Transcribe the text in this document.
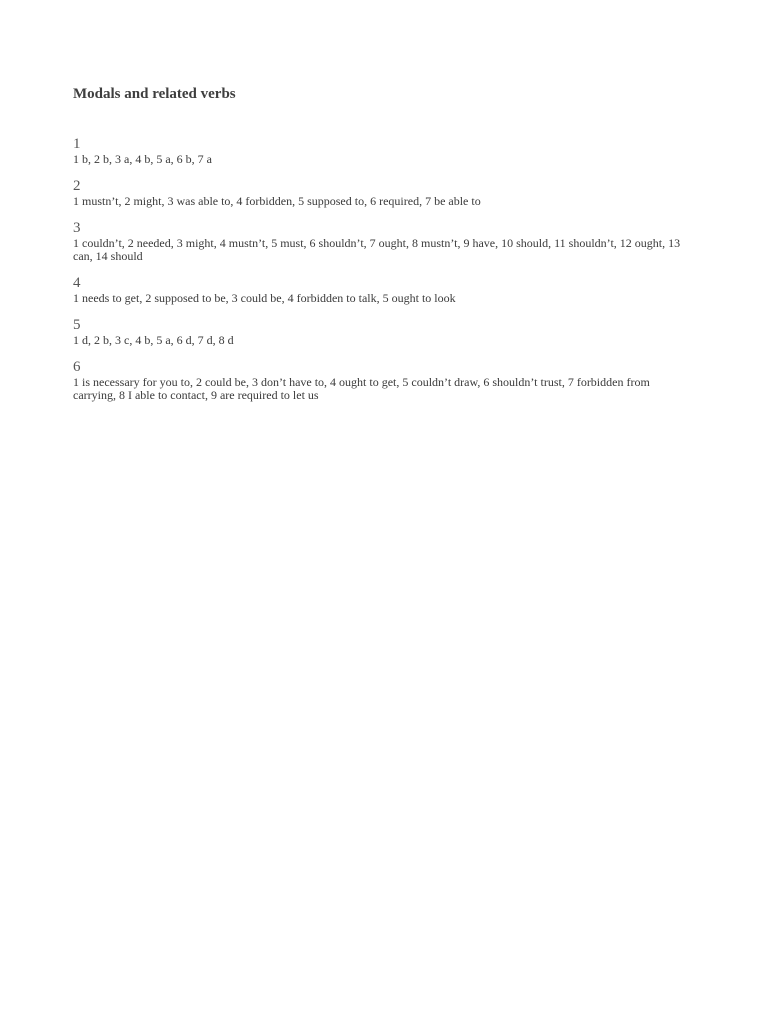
Modals and related verbs
1
1 b, 2 b, 3 a, 4 b, 5 a, 6 b, 7 a
2
1 mustn’t, 2 might, 3 was able to, 4 forbidden, 5 supposed to, 6 required, 7 be able to
3
1 couldn’t, 2 needed, 3 might, 4 mustn’t, 5 must, 6 shouldn’t, 7 ought, 8 mustn’t, 9 have, 10 should, 11 shouldn’t, 12 ought, 13 can, 14 should
4
1 needs to get, 2 supposed to be, 3 could be, 4 forbidden to talk, 5 ought to look
5
1 d, 2 b, 3 c, 4 b, 5 a, 6 d, 7 d, 8 d
6
1 is necessary for you to, 2 could be, 3 don’t have to, 4 ought to get, 5 couldn’t draw, 6 shouldn’t trust, 7 forbidden from carrying, 8 I able to contact, 9 are required to let us
